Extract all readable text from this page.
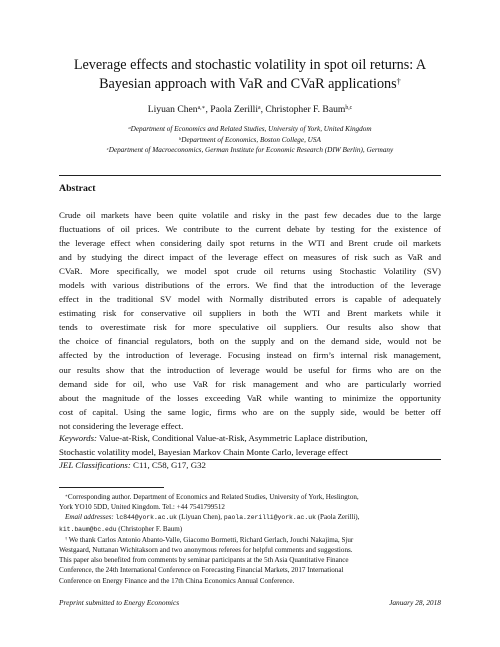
Leverage effects and stochastic volatility in spot oil returns: A
Bayesian approach with VaR and CVaR applications†
Liyuan Chen$^{a,∗}$, Paola Zerilli$^a$, Christopher F. Baum$^{b,c}$
$^a$Department of Economics and Related Studies, University of York, United Kingdom
$^b$Department of Economics, Boston College, USA
$^c$Department of Macroeconomics, German Institute for Economic Research (DIW Berlin), Germany
Abstract
Crude oil markets have been quite volatile and risky in the past few decades due to the large
fluctuations of oil prices. We contribute to the current debate by testing for the existence of
the leverage effect when considering daily spot returns in the WTI and Brent crude oil markets
and by studying the direct impact of the leverage effect on measures of risk such as VaR and
CVaR. More specifically, we model spot crude oil returns using Stochastic Volatility (SV)
models with various distributions of the errors. We find that the introduction of the leverage
effect in the traditional SV model with Normally distributed errors is capable of adequately
estimating risk for conservative oil suppliers in both the WTI and Brent markets while it
tends to overestimate risk for more speculative oil suppliers. Our results also show that
the choice of financial regulators, both on the supply and on the demand side, would not be
affected by the introduction of leverage. Focusing instead on firm’s internal risk management,
our results show that the introduction of leverage would be useful for firms who are on the
demand side for oil, who use VaR for risk management and who are particularly worried
about the magnitude of the losses exceeding VaR while wanting to minimize the opportunity
cost of capital. Using the same logic, firms who are on the supply side, would be better off
not considering the leverage effect.
Keywords: Value-at-Risk, Conditional Value-at-Risk, Asymmetric Laplace distribution,
Stochastic volatility model, Bayesian Markov Chain Monte Carlo, leverage effect
JEL Classifications: C11, C58, G17, G32
∗Corresponding author. Department of Economics and Related Studies, University of York, Heslington,
York YO10 5DD, United Kingdom. Tel.: +44 7541799512
Email addresses: lc844@york.ac.uk (Liyuan Chen), paola.zerilli@york.ac.uk (Paola Zerilli),
kit.baum@bc.edu (Christopher F. Baum)
† We thank Carlos Antonio Abanto-Valle, Giacomo Bormetti, Richard Gerlach, Jouchi Nakajima, Sjur
Westgaard, Nuttanan Wichitaksorn and two anonymous referees for helpful comments and suggestions.
This paper also benefited from comments by seminar participants at the 5th Asia Quantitative Finance
Conference, the 24th International Conference on Forecasting Financial Markets, 2017 International
Conference on Energy Finance and the 17th China Economics Annual Conference.
Preprint submitted to Energy Economics	January 28, 2018
